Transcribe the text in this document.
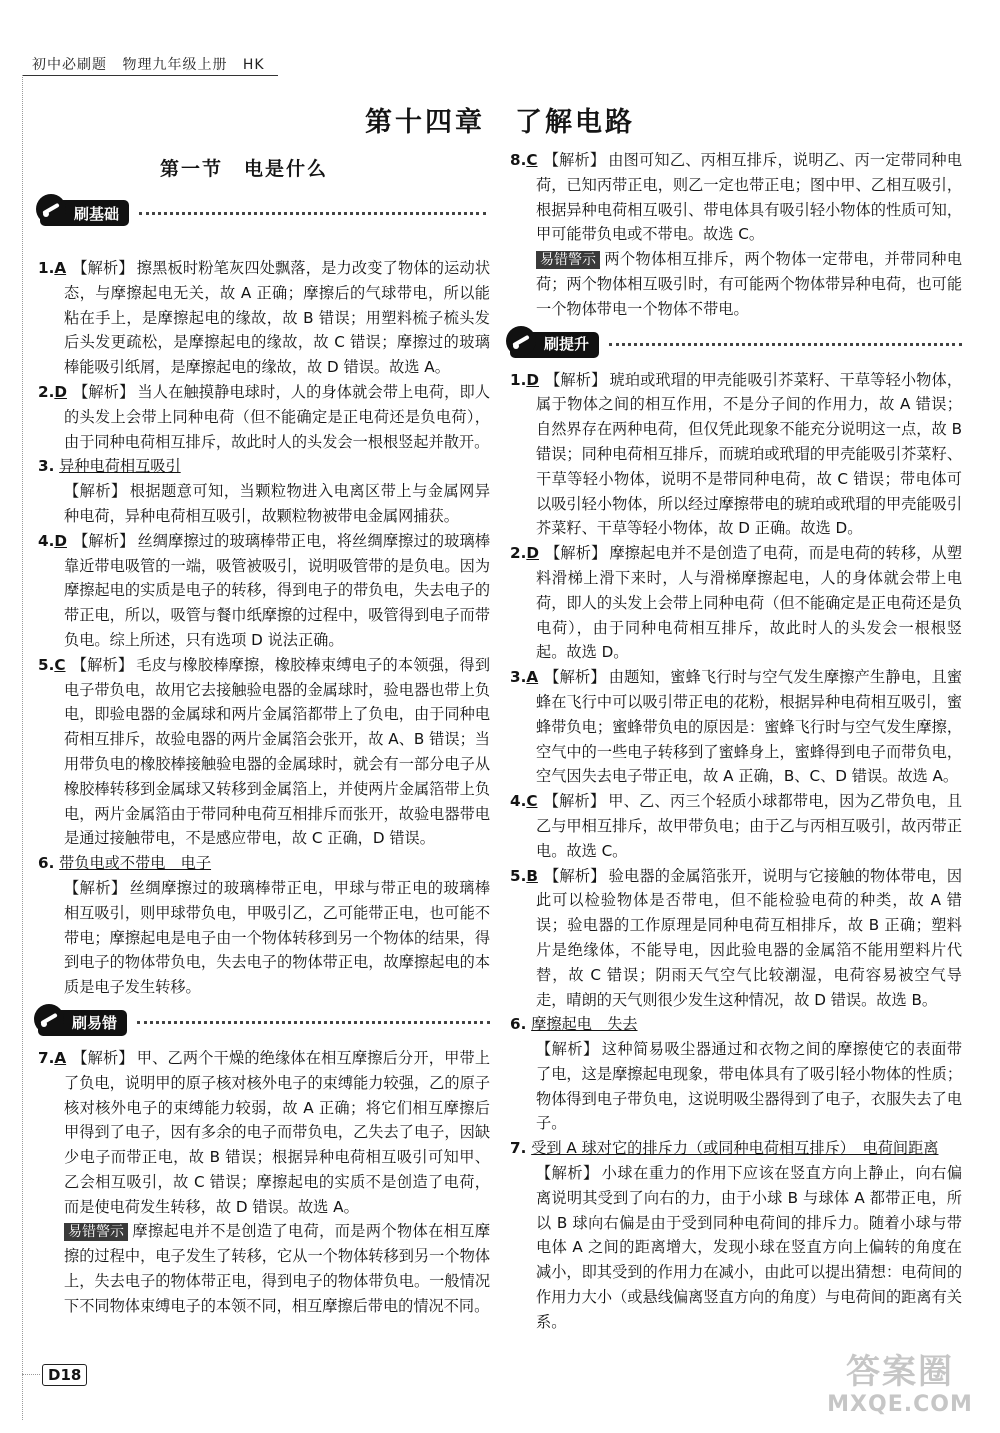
初中必刷题 物理九年级上册 HK
第十四章　了解电路
第一节　电是什么
刷基础
1.A 【解析】 擦黑板时粉笔灰四处飘落，是力改变了物体的运动状态，与摩擦起电无关，故 A 正确；摩擦后的气球带电，所以能粘在手上，是摩擦起电的缘故，故 B 错误；用塑料梳子梳头发后头发更疏松，是摩擦起电的缘故，故 C 错误；摩擦过的玻璃棒能吸引纸屑，是摩擦起电的缘故，故 D 错误。故选 A。
2.D 【解析】 当人在触摸静电球时，人的身体就会带上电荷，即人的头发上会带上同种电荷（但不能确定是正电荷还是负电荷），由于同种电荷相互排斥，故此时人的头发会一根根竖起并散开。
3. 异种电荷相互吸引
【解析】 根据题意可知，当颗粒物进入电离区带上与金属网异种电荷，异种电荷相互吸引，故颗粒物被带电金属网捕获。
4.D 【解析】 丝绸摩擦过的玻璃棒带正电，将丝绸摩擦过的玻璃棒靠近带电吸管的一端，吸管被吸引，说明吸管带的是负电。因为摩擦起电的实质是电子的转移，得到电子的带负电，失去电子的带正电，所以，吸管与餐巾纸摩擦的过程中，吸管得到电子而带负电。综上所述，只有选项 D 说法正确。
5.C 【解析】 毛皮与橡胶棒摩擦，橡胶棒束缚电子的本领强，得到电子带负电，故用它去接触验电器的金属球时，验电器也带上负电，即验电器的金属球和两片金属箔都带上了负电，由于同种电荷相互排斥，故验电器的两片金属箔会张开，故 A、B 错误；当用带负电的橡胶棒接触验电器的金属球时，就会有一部分电子从橡胶棒转移到金属球又转移到金属箔上，并使两片金属箔带上负电，两片金属箔由于带同种电荷互相排斥而张开，故验电器带电是通过接触带电，不是感应带电，故 C 正确，D 错误。
6. 带负电或不带电　电子
【解析】 丝绸摩擦过的玻璃棒带正电，甲球与带正电的玻璃棒相互吸引，则甲球带负电，甲吸引乙，乙可能带正电，也可能不带电；摩擦起电是电子由一个物体转移到另一个物体的结果，得到电子的物体带负电，失去电子的物体带正电，故摩擦起电的本质是电子发生转移。
刷易错
7.A 【解析】 甲、乙两个干燥的绝缘体在相互摩擦后分开，甲带上了负电，说明甲的原子核对核外电子的束缚能力较强，乙的原子核对核外电子的束缚能力较弱，故 A 正确；将它们相互摩擦后甲得到了电子，因有多余的电子而带负电，乙失去了电子，因缺少电子而带正电，故 B 错误；根据异种电荷相互吸引可知甲、乙会相互吸引，故 C 错误；摩擦起电的实质不是创造了电荷，而是使电荷发生转移，故 D 错误。故选 A。
易错警示 摩擦起电并不是创造了电荷，而是两个物体在相互摩擦的过程中，电子发生了转移，它从一个物体转移到另一个物体上，失去电子的物体带正电，得到电子的物体带负电。一般情况下不同物体束缚电子的本领不同，相互摩擦后带电的情况不同。
8.C 【解析】 由图可知乙、丙相互排斥，说明乙、丙一定带同种电荷，已知丙带正电，则乙一定也带正电；图中甲、乙相互吸引，根据异种电荷相互吸引、带电体具有吸引轻小物体的性质可知，甲可能带负电或不带电。故选 C。
易错警示 两个物体相互排斥，两个物体一定带电，并带同种电荷；两个物体相互吸引时，有可能两个物体带异种电荷，也可能一个物体带电一个物体不带电。
刷提升
1.D 【解析】 琥珀或玳瑁的甲壳能吸引芥菜籽、干草等轻小物体，属于物体之间的相互作用，不是分子间的作用力，故 A 错误；自然界存在两种电荷，但仅凭此现象不能充分说明这一点，故 B 错误；同种电荷相互排斥，而琥珀或玳瑁的甲壳能吸引芥菜籽、干草等轻小物体，说明不是带同种电荷，故 C 错误；带电体可以吸引轻小物体，所以经过摩擦带电的琥珀或玳瑁的甲壳能吸引芥菜籽、干草等轻小物体，故 D 正确。故选 D。
2.D 【解析】 摩擦起电并不是创造了电荷，而是电荷的转移，从塑料滑梯上滑下来时，人与滑梯摩擦起电，人的身体就会带上电荷，即人的头发上会带上同种电荷（但不能确定是正电荷还是负电荷），由于同种电荷相互排斥，故此时人的头发会一根根竖起。故选 D。
3.A 【解析】 由题知，蜜蜂飞行时与空气发生摩擦产生静电，且蜜蜂在飞行中可以吸引带正电的花粉，根据异种电荷相互吸引，蜜蜂带负电；蜜蜂带负电的原因是：蜜蜂飞行时与空气发生摩擦，空气中的一些电子转移到了蜜蜂身上，蜜蜂得到电子而带负电，空气因失去电子带正电，故 A 正确，B、C、D 错误。故选 A。
4.C 【解析】 甲、乙、丙三个轻质小球都带电，因为乙带负电，且乙与甲相互排斥，故甲带负电；由于乙与丙相互吸引，故丙带正电。故选 C。
5.B 【解析】 验电器的金属箔张开，说明与它接触的物体带电，因此可以检验物体是否带电，但不能检验电荷的种类，故 A 错误；验电器的工作原理是同种电荷互相排斥，故 B 正确；塑料片是绝缘体，不能导电，因此验电器的金属箔不能用塑料片代替，故 C 错误；阴雨天气空气比较潮湿，电荷容易被空气导走，晴朗的天气则很少发生这种情况，故 D 错误。故选 B。
6. 摩擦起电　失去
【解析】 这种简易吸尘器通过和衣物之间的摩擦使它的表面带了电，这是摩擦起电现象，带电体具有了吸引轻小物体的性质；物体得到电子带负电，这说明吸尘器得到了电子，衣服失去了电子。
7. 受到 A 球对它的排斥力（或同种电荷相互排斥）　电荷间距离
【解析】 小球在重力的作用下应该在竖直方向上静止，向右偏离说明其受到了向右的力，由于小球 B 与球体 A 都带正电，所以 B 球向右偏是由于受到同种电荷间的排斥力。随着小球与带电体 A 之间的距离增大，发现小球在竖直方向上偏转的角度在减小，即其受到的作用力在减小，由此可以提出猜想：电荷间的作用力大小（或悬线偏离竖直方向的角度）与电荷间的距离有关系。
D18	答案圈
MXQE.COM
